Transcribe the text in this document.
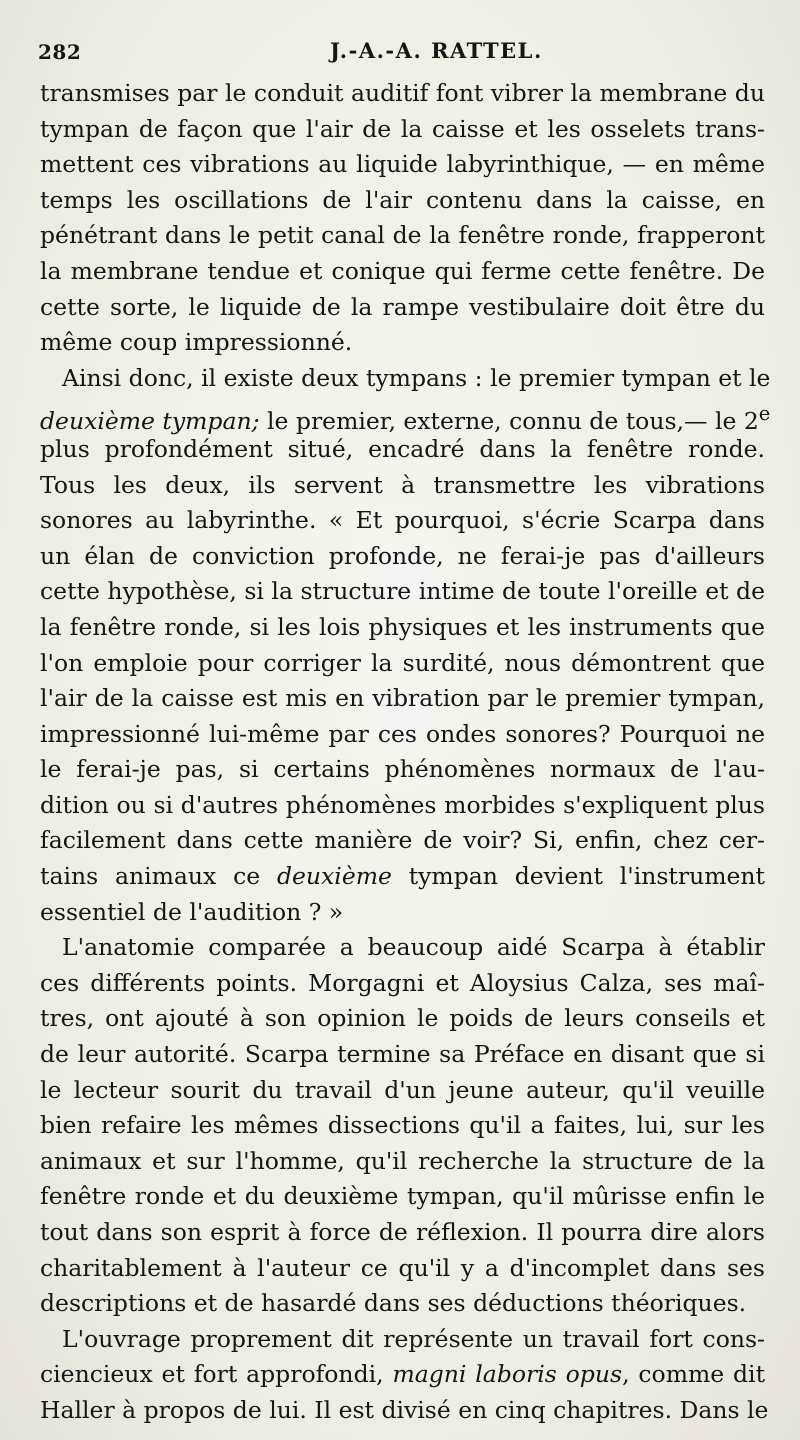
282	J.-A.-A. RATTEL.
transmises par le conduit auditif font vibrer la membrane du
tympan de façon que l'air de la caisse et les osselets trans-
mettent ces vibrations au liquide labyrinthique, — en même
temps les oscillations de l'air contenu dans la caisse, en
pénétrant dans le petit canal de la fenêtre ronde, frapperont
la membrane tendue et conique qui ferme cette fenêtre. De
cette sorte, le liquide de la rampe vestibulaire doit être du
même coup impressionné.
Ainsi donc, il existe deux tympans : le premier tympan et le
deuxième tympan; le premier, externe, connu de tous,— le 2e
plus profondément situé, encadré dans la fenêtre ronde.
Tous les deux, ils servent à transmettre les vibrations
sonores au labyrinthe. « Et pourquoi, s'écrie Scarpa dans
un élan de conviction profonde, ne ferai-je pas d'ailleurs
cette hypothèse, si la structure intime de toute l'oreille et de
la fenêtre ronde, si les lois physiques et les instruments que
l'on emploie pour corriger la surdité, nous démontrent que
l'air de la caisse est mis en vibration par le premier tympan,
impressionné lui-même par ces ondes sonores? Pourquoi ne
le ferai-je pas, si certains phénomènes normaux de l'au-
dition ou si d'autres phénomènes morbides s'expliquent plus
facilement dans cette manière de voir? Si, enfin, chez cer-
tains animaux ce deuxième tympan devient l'instrument
essentiel de l'audition ? »
L'anatomie comparée a beaucoup aidé Scarpa à établir
ces différents points. Morgagni et Aloysius Calza, ses maî-
tres, ont ajouté à son opinion le poids de leurs conseils et
de leur autorité. Scarpa termine sa Préface en disant que si
le lecteur sourit du travail d'un jeune auteur, qu'il veuille
bien refaire les mêmes dissections qu'il a faites, lui, sur les
animaux et sur l'homme, qu'il recherche la structure de la
fenêtre ronde et du deuxième tympan, qu'il mûrisse enfin le
tout dans son esprit à force de réflexion. Il pourra dire alors
charitablement à l'auteur ce qu'il y a d'incomplet dans ses
descriptions et de hasardé dans ses déductions théoriques.
L'ouvrage proprement dit représente un travail fort cons-
ciencieux et fort approfondi, magni laboris opus, comme dit
Haller à propos de lui. Il est divisé en cinq chapitres. Dans le
